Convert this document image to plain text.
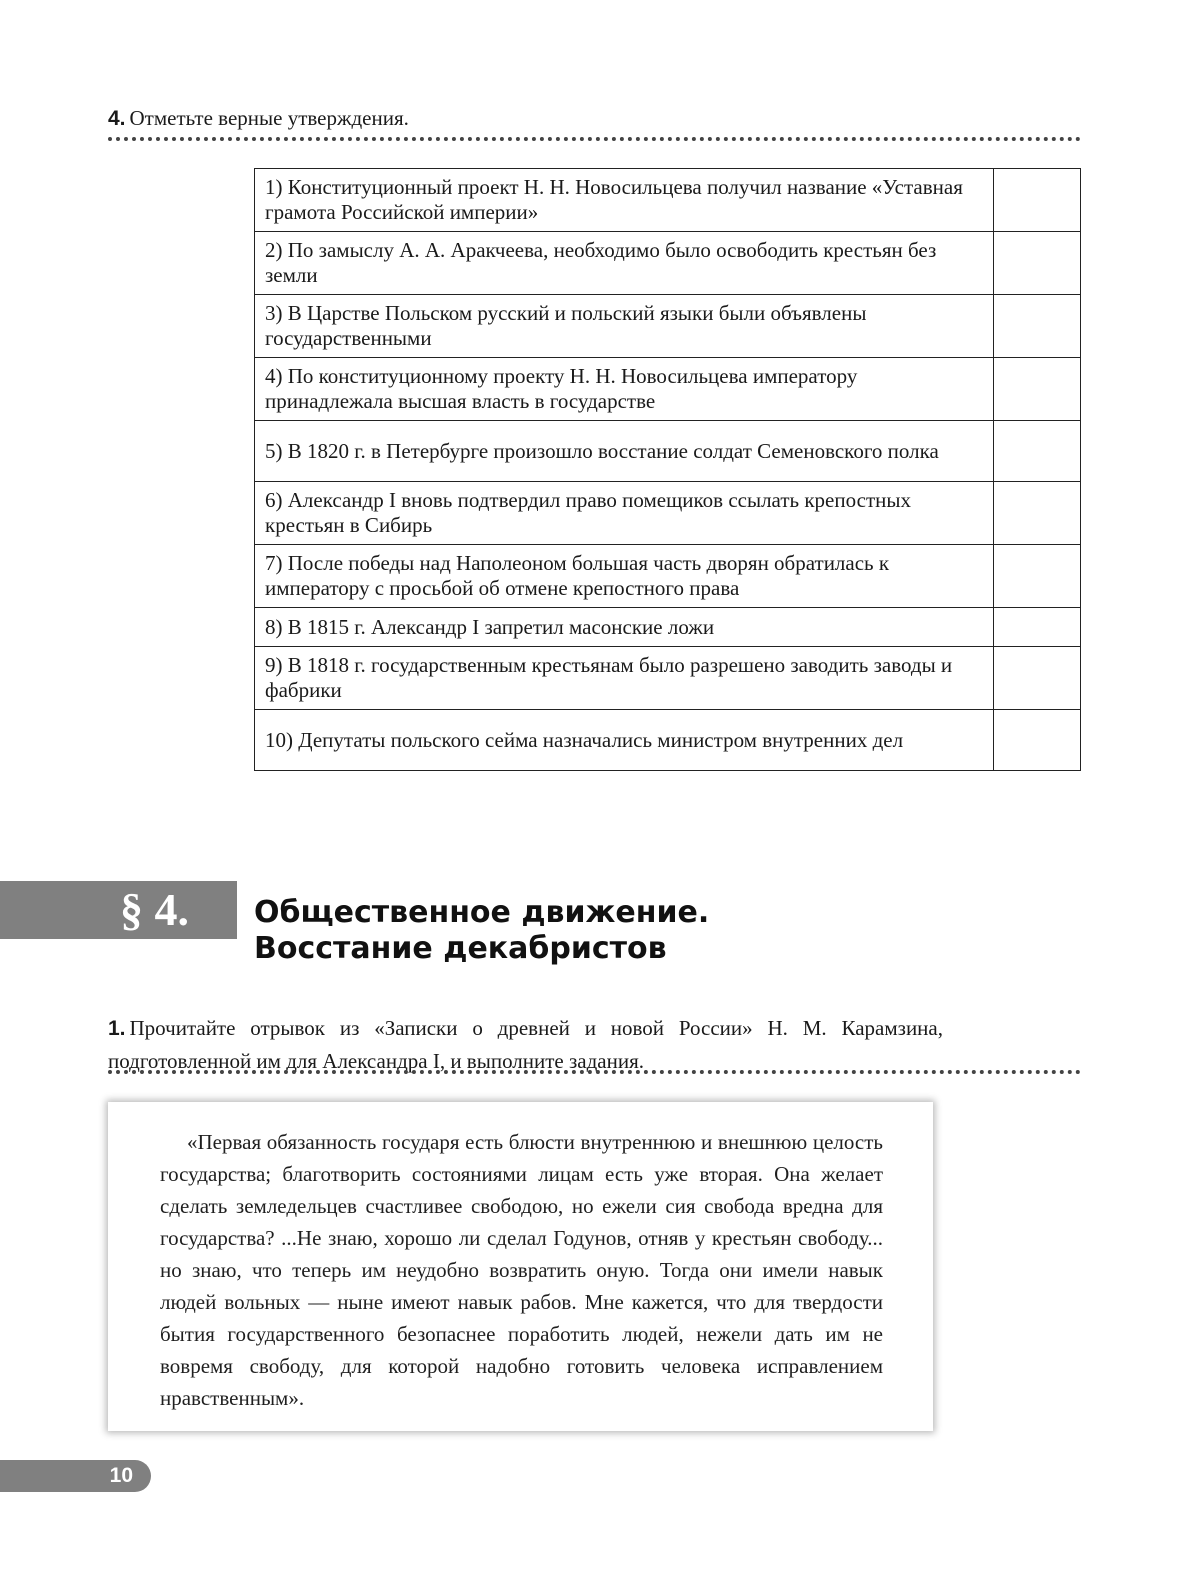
4. Отметьте верные утверждения.
1) Конституционный проект Н. Н. Новосильцева получил название «Уставная грамота Российской империи»	
2) По замыслу А. А. Аракчеева, необходимо было освободить крестьян без земли	
3) В Царстве Польском русский и польский языки были объявлены государственными	
4) По конституционному проекту Н. Н. Новосильцева императору принадлежала высшая власть в государстве	
5) В 1820 г. в Петербурге произошло восстание солдат Семеновского полка	
6) Александр I вновь подтвердил право помещиков ссылать крепостных крестьян в Сибирь	
7) После победы над Наполеоном большая часть дворян обратилась к императору с просьбой об отмене крепостного права	
8) В 1815 г. Александр I запретил масонские ложи	
9) В 1818 г. государственным крестьянам было разрешено заводить заводы и фабрики	
10) Депутаты польского сейма назначались министром внутренних дел	
§ 4.	Общественное движение.
Восстание декабристов
1. Прочитайте отрывок из «Записки о древней и новой России» Н. М. Карамзина, подготовленной им для Александра I, и выполните задания.

«Первая обязанность государя есть блюсти внутреннюю и внешнюю целость государства; благотворить состояниями лицам есть уже вторая. Она желает сделать земледельцев счастливее свободою, но ежели сия свобода вредна для государства? ...Не знаю, хорошо ли сделал Годунов, отняв у крестьян свободу... но знаю, что теперь им неудобно возвратить оную. Тогда они имели навык людей вольных — ныне имеют навык рабов. Мне кажется, что для твердости бытия государственного безопаснее поработить людей, нежели дать им не вовремя свободу, для которой надобно готовить человека исправлением нравственным».

10
